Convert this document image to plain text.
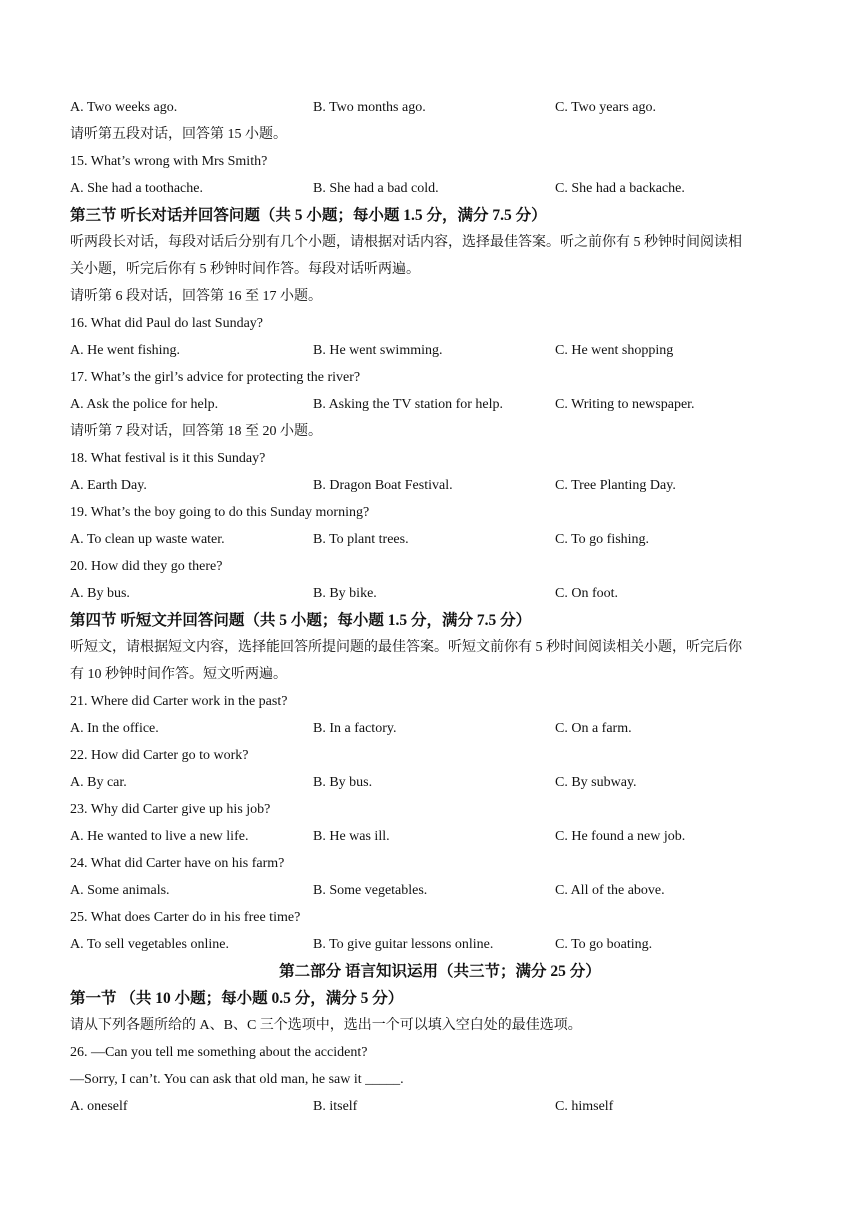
A. Two weeks ago.	B. Two months ago.	C. Two years ago.
请听第五段对话，回答第 15 小题。
15. What’s wrong with Mrs Smith?
A. She had a toothache.	B. She had a bad cold.	C. She had a backache.
第三节 听长对话并回答问题（共 5 小题；每小题 1.5 分，满分 7.5 分）
听两段长对话，每段对话后分别有几个小题，请根据对话内容，选择最佳答案。听之前你有 5 秒钟时间阅读相
关小题，听完后你有 5 秒钟时间作答。每段对话听两遍。
请听第 6 段对话，回答第 16 至 17 小题。
16. What did Paul do last Sunday?
A. He went fishing.	B. He went swimming.	C. He went shopping
17. What’s the girl’s advice for protecting the river?
A. Ask the police for help.	B. Asking the TV station for help.	C. Writing to newspaper.
请听第 7 段对话，回答第 18 至 20 小题。
18. What festival is it this Sunday?
A. Earth Day.	B. Dragon Boat Festival.	C. Tree Planting Day.
19. What’s the boy going to do this Sunday morning?
A. To clean up waste water.	B. To plant trees.	C. To go fishing.
20. How did they go there?
A. By bus.	B. By bike.	C. On foot.
第四节 听短文并回答问题（共 5 小题；每小题 1.5 分，满分 7.5 分）
听短文，请根据短文内容，选择能回答所提问题的最佳答案。听短文前你有 5 秒时间阅读相关小题，听完后你
有 10 秒钟时间作答。短文听两遍。
21. Where did Carter work in the past?
A. In the office.	B. In a factory.	C. On a farm.
22. How did Carter go to work?
A. By car.	B. By bus.	C. By subway.
23. Why did Carter give up his job?
A. He wanted to live a new life.	B. He was ill.	C. He found a new job.
24. What did Carter have on his farm?
A. Some animals.	B. Some vegetables.	C. All of the above.
25. What does Carter do in his free time?
A. To sell vegetables online.	B. To give guitar lessons online.	C. To go boating.
第二部分 语言知识运用（共三节；满分 25 分）
第一节 （共 10 小题；每小题 0.5 分，满分 5 分）
请从下列各题所给的 A、B、C 三个选项中，选出一个可以填入空白处的最佳选项。
26. —Can you tell me something about the accident?
—Sorry, I can’t. You can ask that old man, he saw it _____.
A. oneself	B. itself	C. himself
